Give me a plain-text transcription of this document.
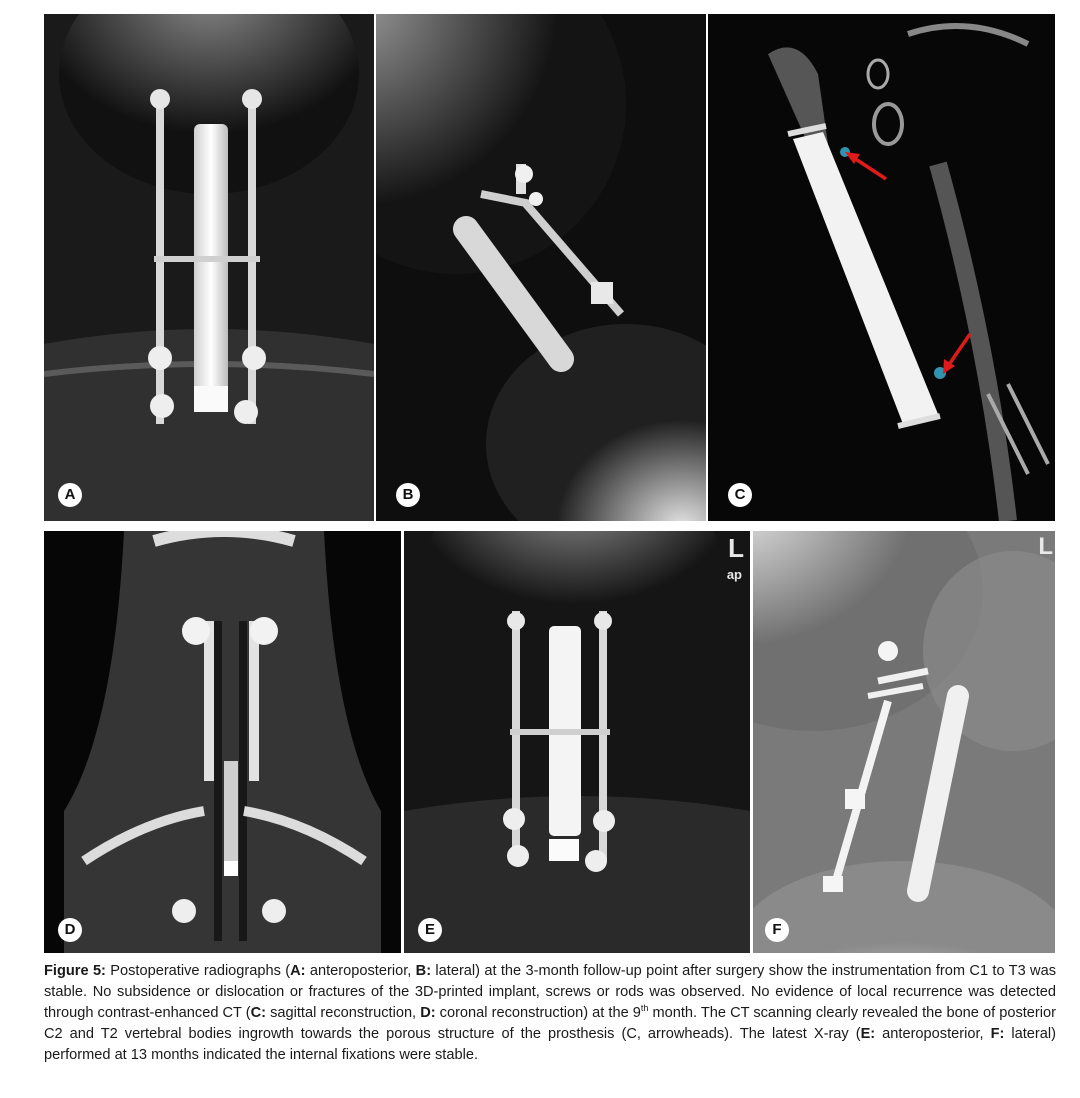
A	B	C
D
L
ap
E
L
F
Figure 5: Postoperative radiographs (A: anteroposterior, B: lateral) at the 3-month follow-up point after surgery show the instrumentation from C1 to T3 was stable. No subsidence or dislocation or fractures of the 3D-printed implant, screws or rods was observed. No evidence of local recurrence was detected through contrast-enhanced CT (C: sagittal reconstruction, D: coronal reconstruction) at the 9th month. The CT scanning clearly revealed the bone of posterior C2 and T2 vertebral bodies ingrowth towards the porous structure of the prosthesis (C, arrowheads). The latest X-ray (E: anteroposterior, F: lateral) performed at 13 months indicated the internal fixations were stable.
